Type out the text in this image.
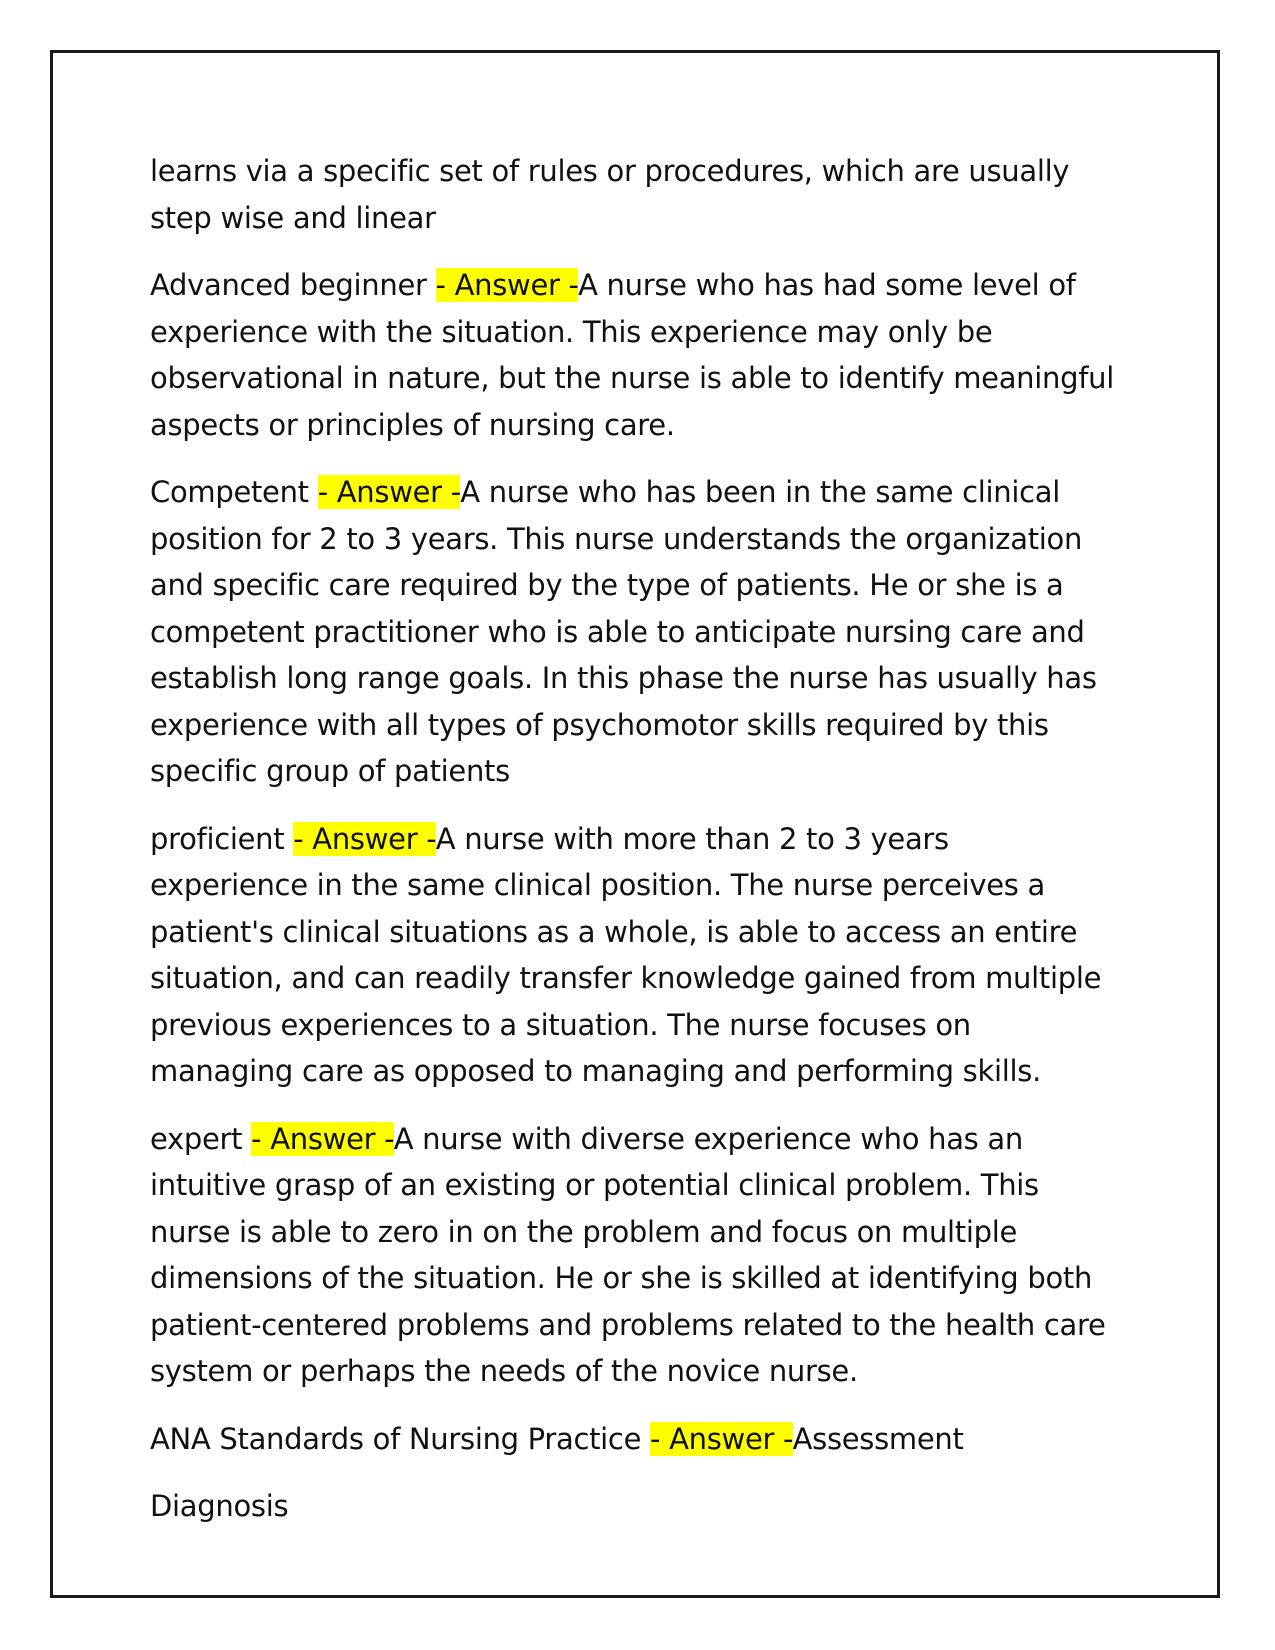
learns via a specific set of rules or procedures, which are usually step wise and linear

Advanced beginner - Answer -A nurse who has had some level of experience with the situation. This experience may only be observational in nature, but the nurse is able to identify meaningful aspects or principles of nursing care.

Competent - Answer -A nurse who has been in the same clinical position for 2 to 3 years. This nurse understands the organization and specific care required by the type of patients. He or she is a competent practitioner who is able to anticipate nursing care and establish long range goals. In this phase the nurse has usually has experience with all types of psychomotor skills required by this specific group of patients

proficient - Answer -A nurse with more than 2 to 3 years experience in the same clinical position. The nurse perceives a patient's clinical situations as a whole, is able to access an entire situation, and can readily transfer knowledge gained from multiple previous experiences to a situation. The nurse focuses on managing care as opposed to managing and performing skills.

expert - Answer -A nurse with diverse experience who has an intuitive grasp of an existing or potential clinical problem. This nurse is able to zero in on the problem and focus on multiple dimensions of the situation. He or she is skilled at identifying both patient-centered problems and problems related to the health care system or perhaps the needs of the novice nurse.

ANA Standards of Nursing Practice - Answer -Assessment

Diagnosis
